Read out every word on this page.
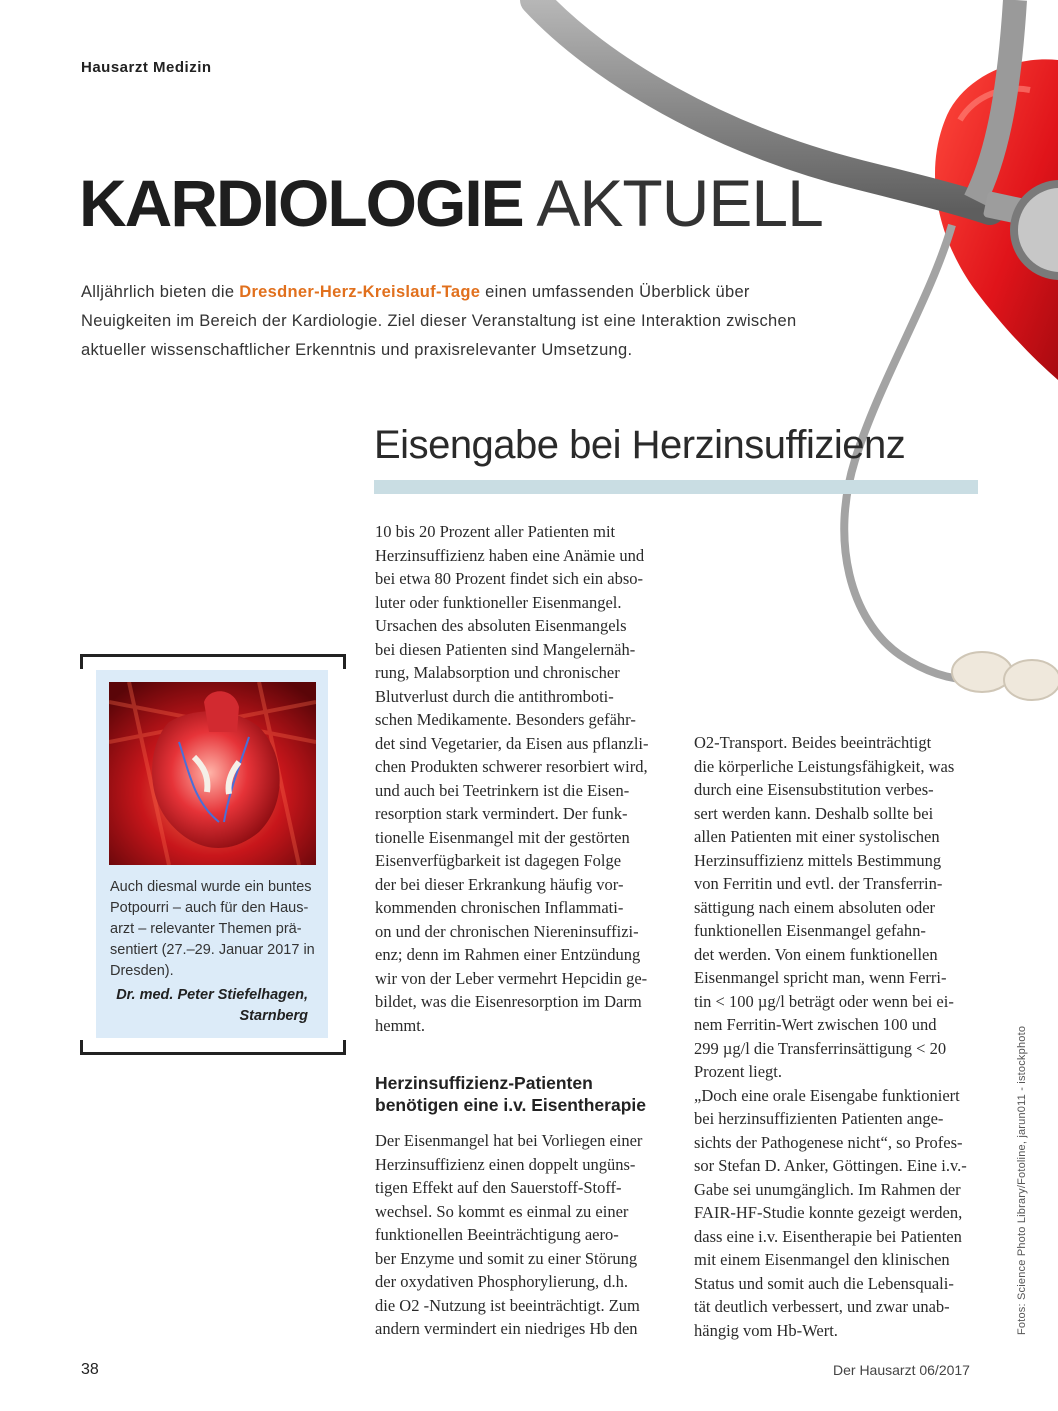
Hausarzt Medizin
KARDIOLOGIE AKTUELL
Alljährlich bieten die Dresdner-Herz-Kreislauf-Tage einen umfassenden Überblick über Neuigkeiten im Bereich der Kardiologie. Ziel dieser Veranstaltung ist eine Interaktion zwischen aktueller wissenschaftlicher Erkenntnis und praxisrelevanter Umsetzung.
Eisengabe bei Herzinsuffizienz
10 bis 20 Prozent aller Patienten mit
Herzinsuffizienz haben eine Anämie und
bei etwa 80 Prozent findet sich ein abso-
luter oder funktioneller Eisenmangel.
Ursachen des absoluten Eisenmangels
bei diesen Patienten sind Mangelernäh-
rung, Malabsorption und chronischer
Blutverlust durch die antithromboti-
schen Medikamente. Besonders gefähr-
det sind Vegetarier, da Eisen aus pflanzli-
chen Produkten schwerer resorbiert wird,
und auch bei Teetrinkern ist die Eisen-
resorption stark vermindert. Der funk-
tionelle Eisenmangel mit der gestörten
Eisenverfügbarkeit ist dagegen Folge
der bei dieser Erkrankung häufig vor-
kommenden chronischen Inflammati-
on und der chronischen Niereninsuffizi-
enz; denn im Rahmen einer Entzündung
wir von der Leber vermehrt Hepcidin ge-
bildet, was die Eisenresorption im Darm
hemmt.
Herzinsuffizienz-Patienten
benötigen eine i.v. Eisentherapie
Der Eisenmangel hat bei Vorliegen einer
Herzinsuffizienz einen doppelt ungüns-
tigen Effekt auf den Sauerstoff-Stoff-
wechsel. So kommt es einmal zu einer
funktionellen Beeinträchtigung aero-
ber Enzyme und somit zu einer Störung
der oxydativen Phosphorylierung, d.h.
die O2 -Nutzung ist beeinträchtigt. Zum
andern vermindert ein niedriges Hb den
O2-Transport. Beides beeinträchtigt
die körperliche Leistungsfähigkeit, was
durch eine Eisensubstitution verbes-
sert werden kann. Deshalb sollte bei
allen Patienten mit einer systolischen
Herzinsuffizienz mittels Bestimmung
von Ferritin und evtl. der Transferrin-
sättigung nach einem absoluten oder
funktionellen Eisenmangel gefahn-
det werden. Von einem funktionellen
Eisenmangel spricht man, wenn Ferri-
tin < 100 µg/l beträgt oder wenn bei ei-
nem Ferritin-Wert zwischen 100 und
299 µg/l die Transferrinsättigung < 20
Prozent liegt.
„Doch eine orale Eisengabe funktioniert
bei herzinsuffizienten Patienten ange-
sichts der Pathogenese nicht“, so Profes-
sor Stefan D. Anker, Göttingen. Eine i.v.-
Gabe sei unumgänglich. Im Rahmen der
FAIR-HF-Studie konnte gezeigt werden,
dass eine i.v. Eisentherapie bei Patienten
mit einem Eisenmangel den klinischen
Status und somit auch die Lebensquali-
tät deutlich verbessert, und zwar unab-
hängig vom Hb-Wert.
Auch diesmal wurde ein buntes
Potpourri – auch für den Haus-
arzt – relevanter Themen prä-
sentiert (27.–29. Januar 2017 in
Dresden).
Dr. med. Peter Stiefelhagen,
Starnberg
38	Der Hausarzt 06/2017
Fotos: Science Photo Library/Fotoline, jarun011 - istockphoto
